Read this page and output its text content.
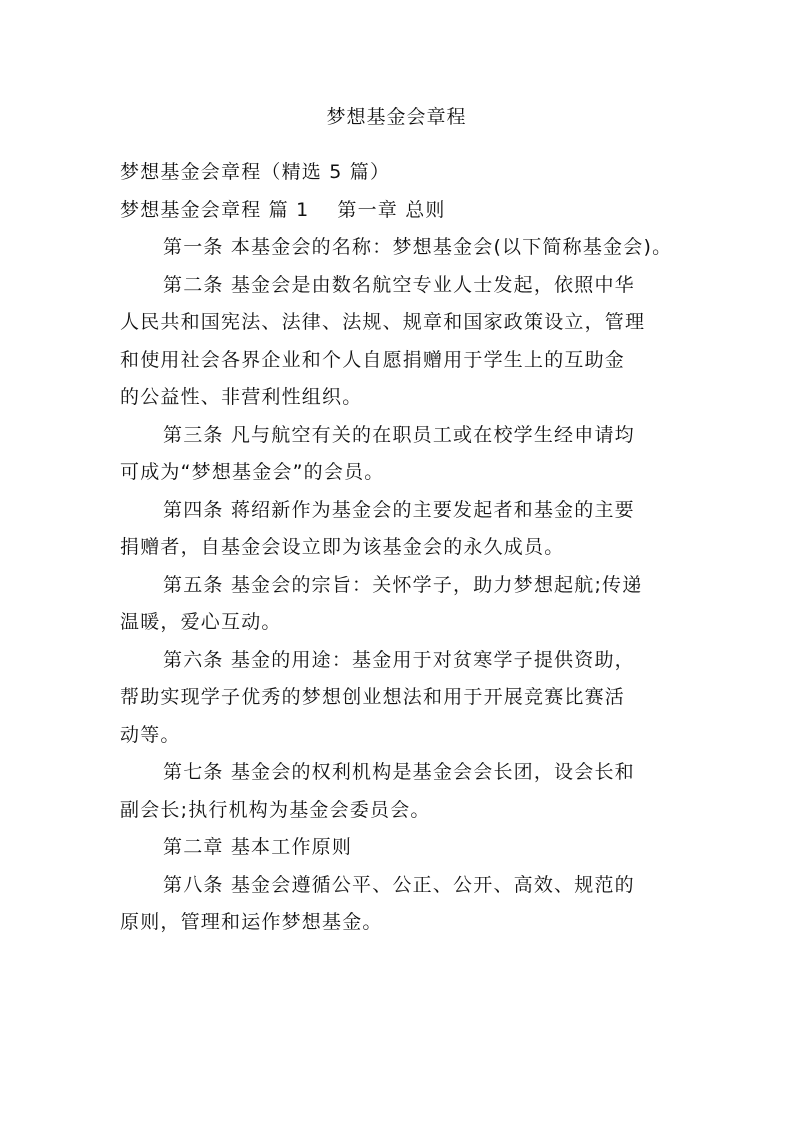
梦想基金会章程

梦想基金会章程（精选 5 篇）

梦想基金会章程 篇 1 第一章 总则

第一条 本基金会的名称：梦想基金会(以下简称基金会)。

第二条 基金会是由数名航空专业人士发起，依照中华

人民共和国宪法、法律、法规、规章和国家政策设立，管理

和使用社会各界企业和个人自愿捐赠用于学生上的互助金

的公益性、非营利性组织。

第三条 凡与航空有关的在职员工或在校学生经申请均

可成为“梦想基金会”的会员。

第四条 蒋绍新作为基金会的主要发起者和基金的主要

捐赠者，自基金会设立即为该基金会的永久成员。

第五条 基金会的宗旨：关怀学子，助力梦想起航;传递

温暖，爱心互动。

第六条 基金的用途：基金用于对贫寒学子提供资助，

帮助实现学子优秀的梦想创业想法和用于开展竞赛比赛活

动等。

第七条 基金会的权利机构是基金会会长团，设会长和

副会长;执行机构为基金会委员会。

第二章 基本工作原则

第八条 基金会遵循公平、公正、公开、高效、规范的

原则，管理和运作梦想基金。
